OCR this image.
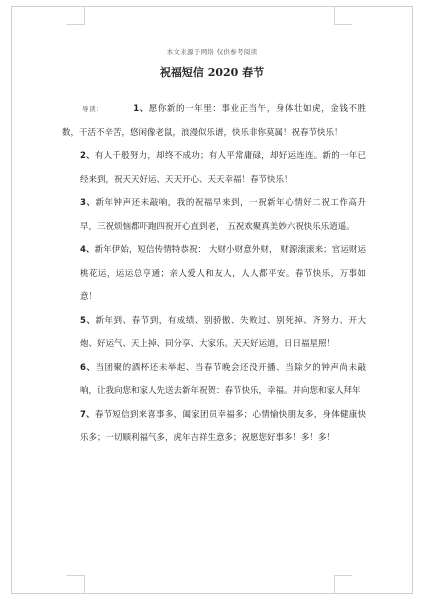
本文来源于网络 仅供参考阅读
祝福短信 2020 春节

导读：	1、愿你新的一年里：事业正当午，身体壮如虎，金钱不胜数，干活不辛苦，悠闲像老鼠，浪漫似乐谱，快乐非你莫属！祝春节快乐！

2、有人千般努力，却终不成功；有人平常庸碌，却好运连连。新的一年已经来到，祝天天好运、天天开心、天天幸福！春节快乐！

3、新年钟声还未敲响，我的祝福早来到，一祝新年心情好二祝工作高升早，三祝烦恼都吓跑四祝开心直到老， 五祝欢聚真美妙六祝快乐乐逍遥。

4、新年伊始，短信传情特恭祝： 大财小财意外财， 财源滚滚来；官运财运桃花运，运运总亨通；亲人爱人和友人，人人都平安。春节快乐，万事如意！

5、新年到、春节到，有成绩、别骄傲、失败过、别死掉、齐努力、开大炮、好运气、天上掉、同分享、大家乐。天天好运道，日日福星照！

6、当团聚的酒杯还未举起、当春节晚会还没开播、当除夕的钟声尚未敲响，让我向您和家人先送去新年祝贺：春节快乐，幸福。并向您和家人拜年

7、春节短信到来喜事多，阖家团员幸福多；心情愉快朋友多，身体健康快乐多；一切顺利福气多，虎年吉祥生意多；祝愿您好事多！多！多！
